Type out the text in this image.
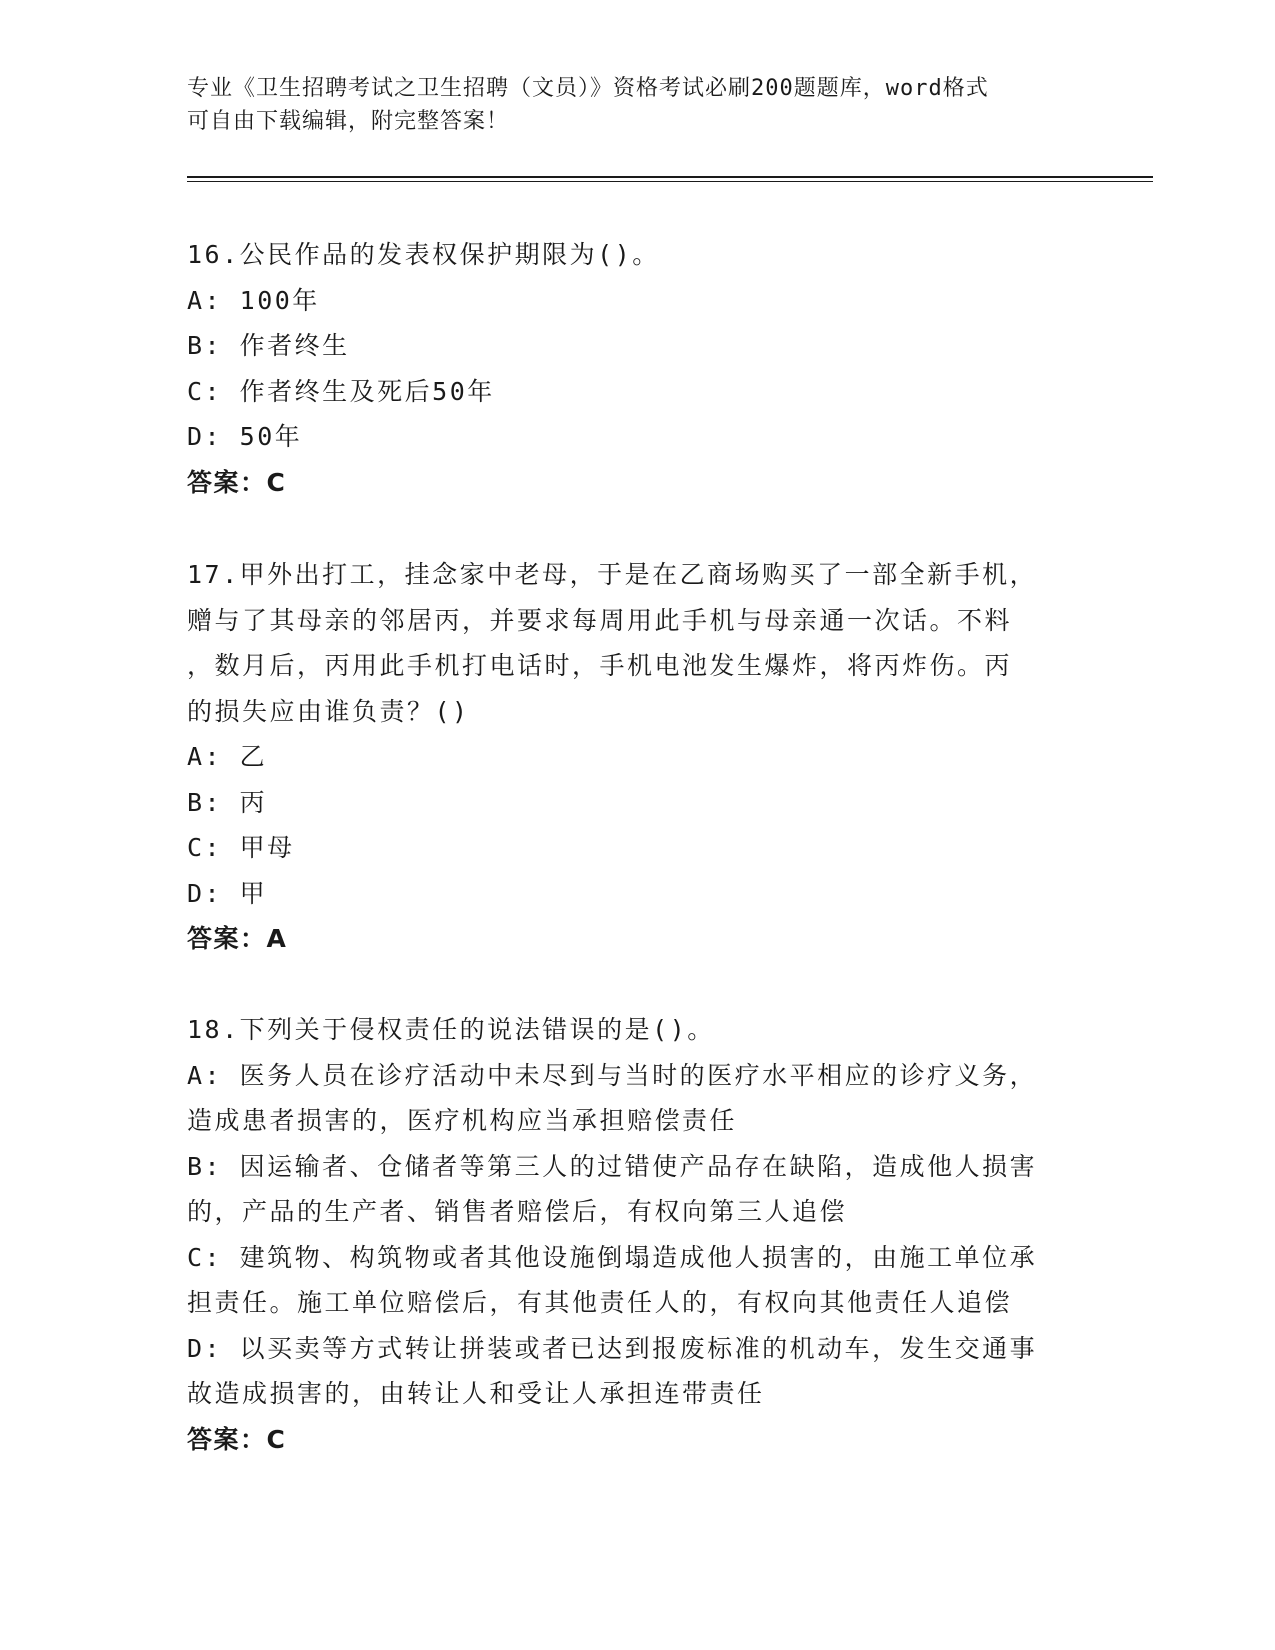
专业《卫生招聘考试之卫生招聘（文员）》资格考试必刷200题题库，word格式
可自由下载编辑，附完整答案！
16.公民作品的发表权保护期限为()。
A: 100年
B: 作者终生
C: 作者终生及死后50年
D: 50年
答案：C
17.甲外出打工，挂念家中老母，于是在乙商场购买了一部全新手机，
赠与了其母亲的邻居丙，并要求每周用此手机与母亲通一次话。不料
，数月后，丙用此手机打电话时，手机电池发生爆炸，将丙炸伤。丙
的损失应由谁负责？()
A: 乙
B: 丙
C: 甲母
D: 甲
答案：A
18.下列关于侵权责任的说法错误的是()。
A: 医务人员在诊疗活动中未尽到与当时的医疗水平相应的诊疗义务，
造成患者损害的，医疗机构应当承担赔偿责任
B: 因运输者、仓储者等第三人的过错使产品存在缺陷，造成他人损害
的，产品的生产者、销售者赔偿后，有权向第三人追偿
C: 建筑物、构筑物或者其他设施倒塌造成他人损害的，由施工单位承
担责任。施工单位赔偿后，有其他责任人的，有权向其他责任人追偿
D: 以买卖等方式转让拼装或者已达到报废标准的机动车，发生交通事
故造成损害的，由转让人和受让人承担连带责任
答案：C
